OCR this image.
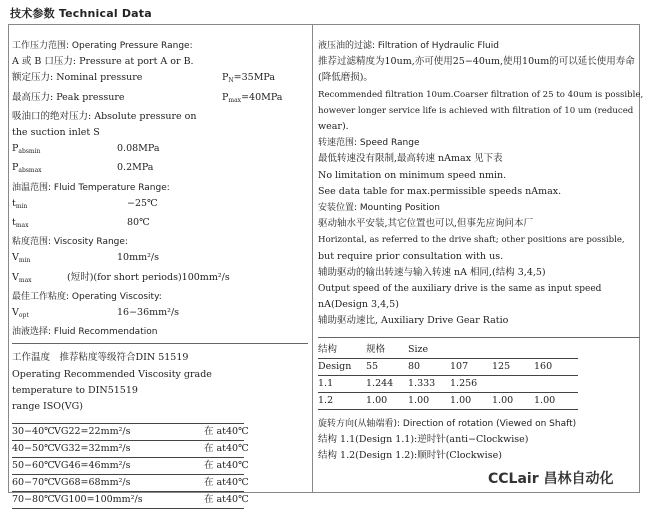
技术参数 Technical Data
工作压力范围: Operating Pressure Range:
A 或 B 口压力: Pressure at port A or B.
额定压力: Nominal pressure	$P_N =35MPa$
最高压力: Peak pressure	$P_{max} =40MPa$
吸油口的绝对压力: Absolute pressure on
the suction inlet S
$P_{absmin}$	0.08MPa
$P_{absmax}$	0.2MPa
油温范围: Fluid Temperature Range:
$t_{min}$	−25℃
$t_{max}$	80℃
粘度范围: Viscosity Range:
$V_{min}$	10mm²/s
$V_{max}$	(短时)(for short periods)100mm²/s
最佳工作粘度: Operating Viscosity:
$V_{opt}$	16−36mm²/s
油液选择: Fluid Recommendation
工作温度　推荐粘度等级符合DIN 51519
Operating Recommended Viscosity grade
temperature to DIN51519
range ISO(VG)
30−40℃ VG22=22mm²/s	在 at40℃
40−50℃ VG32=32mm²/s	在 at40℃
50−60℃ VG46=46mm²/s	在 at40℃
60−70℃ VG68=68mm²/s	在 at40℃
70−80℃ VG100=100mm²/s	在 at40℃
液压油的过滤: Filtration of Hydraulic Fluid
推荐过滤精度为10um,亦可使用25−40um,使用10um的可以延长使用寿命
(降低磨损)。
Recommended filtration 10um.Coarser filtration of 25 to 40um is possible,
however longer service life is achieved with filtration of 10 um (reduced
wear).
转速范围: Speed Range
最低转速没有限制,最高转速 nAmax 见下表
No limitation on minimum speed nmin.
See data table for max.permissible speeds nAmax.
安装位置: Mounting Position
驱动轴水平安装,其它位置也可以,但事先应询问本厂
Horizontal, as referred to the drive shaft; other positions are possible,
but require prior consultation with us.
辅助驱动的输出转速与输入转速 nA 相同,(结构 3,4,5)
Output speed of the auxiliary drive is the same as input speed
nA(Design 3,4,5)
辅助驱动速比, Auxiliary Drive Gear Ratio
结构	规格	Size
Design	55	80	107	125	160
1.1	1.244	1.333	1.256
1.2	1.00	1.00	1.00	1.00	1.00
旋转方向(从轴端看): Direction of rotation (Viewed on Shaft)
结构 1.1(Design 1.1):逆时针(anti−Clockwise)
结构 1.2(Design 1.2):顺时针(Clockwise)
CCLair 昌林自动化
